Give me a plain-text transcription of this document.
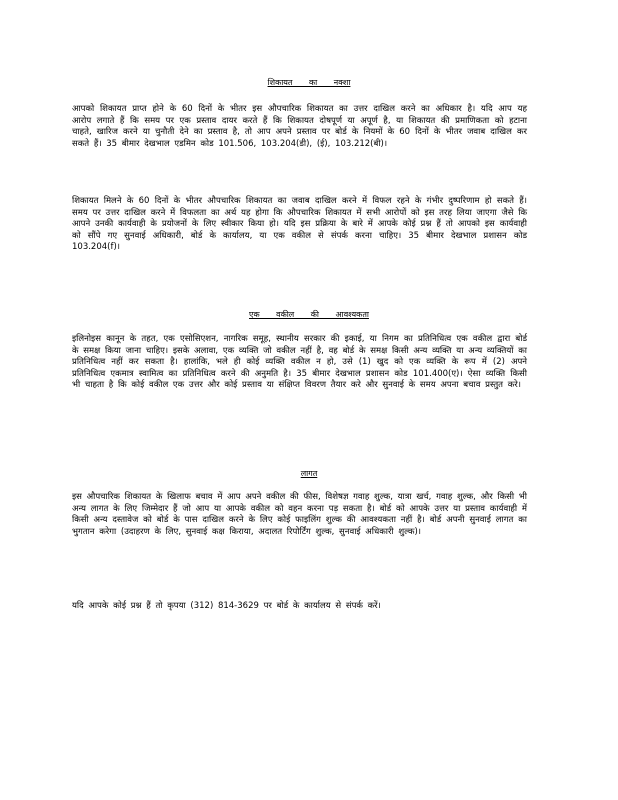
शिकायत का नक्शा

आपको शिकायत प्राप्त होने के 60 दिनों के भीतर इस औपचारिक शिकायत का उत्तर दाखिल करने का अधिकार है। यदि आप यह आरोप लगाते हैं कि समय पर एक प्रस्ताव दायर करते हैं कि शिकायत दोषपूर्ण या अपूर्ण है, या शिकायत की प्रमाणिकता को हटाना चाहते, खारिज करने या चुनौती देने का प्रस्ताव है, तो आप अपने प्रस्ताव पर बोर्ड के नियमों के 60 दिनों के भीतर जवाब दाखिल कर सकते हैं। 35 बीमार देखभाल एडमिन कोड 101.506, 103.204(डी), (ई), 103.212(बी)।

शिकायत मिलने के 60 दिनों के भीतर औपचारिक शिकायत का जवाब दाखिल करने में विफल रहने के गंभीर दुष्परिणाम हो सकते हैं। समय पर उत्तर दाखिल करने में विफलता का अर्थ यह होगा कि औपचारिक शिकायत में सभी आरोपों को इस तरह लिया जाएगा जैसे कि आपने उनकी कार्यवाही के प्रयोजनों के लिए स्वीकार किया हो। यदि इस प्रक्रिया के बारे में आपके कोई प्रश्न हैं तो आपको इस कार्यवाही को सौंपे गए सुनवाई अधिकारी, बोर्ड के कार्यालय, या एक वकील से संपर्क करना चाहिए। 35 बीमार देखभाल प्रशासन कोड 103.204(f)।

एक वकील की आवश्यकता

इलिनोइस कानून के तहत, एक एसोसिएशन, नागरिक समूह, स्थानीय सरकार की इकाई, या निगम का प्रतिनिधित्व एक वकील द्वारा बोर्ड के समक्ष किया जाना चाहिए। इसके अलावा, एक व्यक्ति जो वकील नहीं है, वह बोर्ड के समक्ष किसी अन्य व्यक्ति या अन्य व्यक्तियों का प्रतिनिधित्व नहीं कर सकता है। हालांकि, भले ही कोई व्यक्ति वकील न हो, उसे (1) खुद को एक व्यक्ति के रूप में (2) अपने प्रतिनिधित्व एकमात्र स्वामित्व का प्रतिनिधित्व करने की अनुमति है। 35 बीमार देखभाल प्रशासन कोड 101.400(ए)। ऐसा व्यक्ति किसी भी चाहता है कि कोई वकील एक उत्तर और कोई प्रस्ताव या संक्षिप्त विवरण तैयार करे और सुनवाई के समय अपना बचाव प्रस्तुत करे।

लागत

इस औपचारिक शिकायत के खिलाफ बचाव में आप अपने वकील की फीस, विशेषज्ञ गवाह शुल्क, यात्रा खर्च, गवाह शुल्क, और किसी भी अन्य लागत के लिए जिम्मेदार हैं जो आप या आपके वकील को वहन करना पड़ सकता है। बोर्ड को आपके उत्तर या प्रस्ताव कार्यवाही में किसी अन्य दस्तावेज को बोर्ड के पास दाखिल करने के लिए कोई फाइलिंग शुल्क की आवश्यकता नहीं है। बोर्ड अपनी सुनवाई लागत का भुगतान करेगा (उदाहरण के लिए, सुनवाई कक्ष किराया, अदालत रिपोर्टिंग शुल्क, सुनवाई अधिकारी शुल्क)।

यदि आपके कोई प्रश्न हैं तो कृपया (312) 814-3629 पर बोर्ड के कार्यालय से संपर्क करें।
